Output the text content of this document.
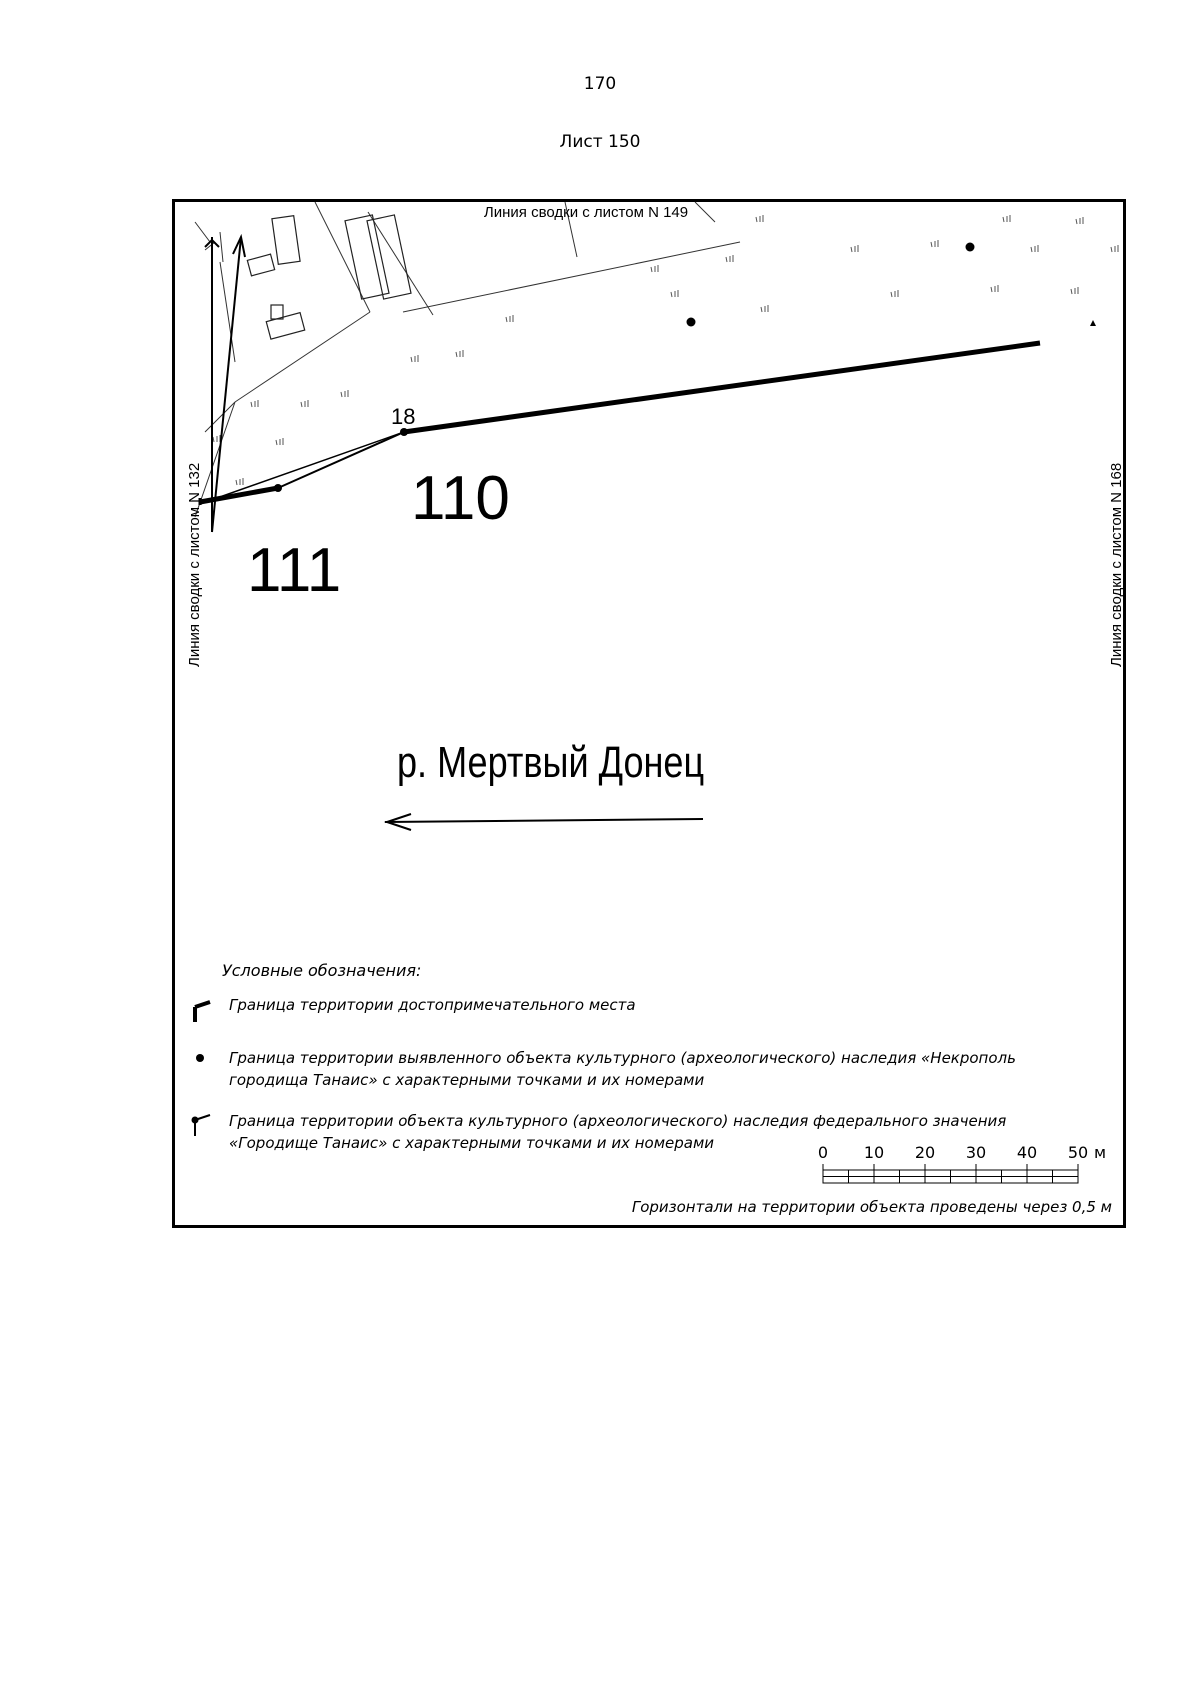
170
Лист 150
Линия сводки с листом N 149
Линия сводки с листом N 132	Линия сводки с листом N 168
18
110
111
р. Мертвый Донец
Условные обозначения:
Граница территории достопримечательного места
Граница территории выявленного объекта культурного (археологического) наследия «Некрополь
городища Танаис» с характерными точками и их номерами
Граница территории объекта культурного (археологического) наследия федерального значения
«Городище Танаис» с характерными точками и их номерами	0 10 20 30 40 50 м
Горизонтали на территории объекта проведены через 0,5 м
